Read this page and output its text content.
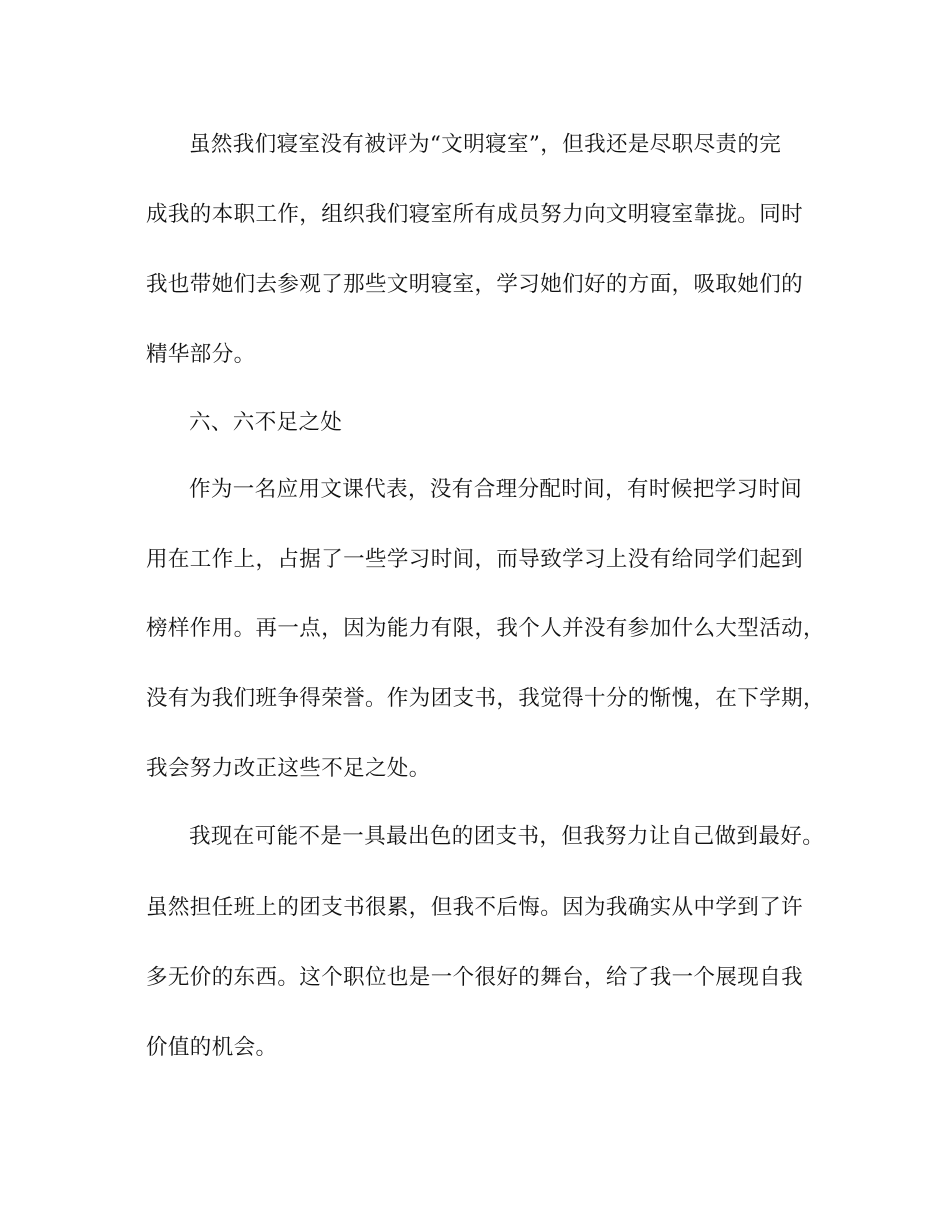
虽然我们寝室没有被评为“文明寝室”，但我还是尽职尽责的完
成我的本职工作，组织我们寝室所有成员努力向文明寝室靠拢。同时
我也带她们去参观了那些文明寝室，学习她们好的方面，吸取她们的
精华部分。
六、六不足之处
作为一名应用文课代表，没有合理分配时间，有时候把学习时间
用在工作上，占据了一些学习时间，而导致学习上没有给同学们起到
榜样作用。再一点，因为能力有限，我个人并没有参加什么大型活动，
没有为我们班争得荣誉。作为团支书，我觉得十分的惭愧，在下学期，
我会努力改正这些不足之处。
我现在可能不是一具最出色的团支书，但我努力让自己做到最好。
虽然担任班上的团支书很累，但我不后悔。因为我确实从中学到了许
多无价的东西。这个职位也是一个很好的舞台，给了我一个展现自我
价值的机会。
